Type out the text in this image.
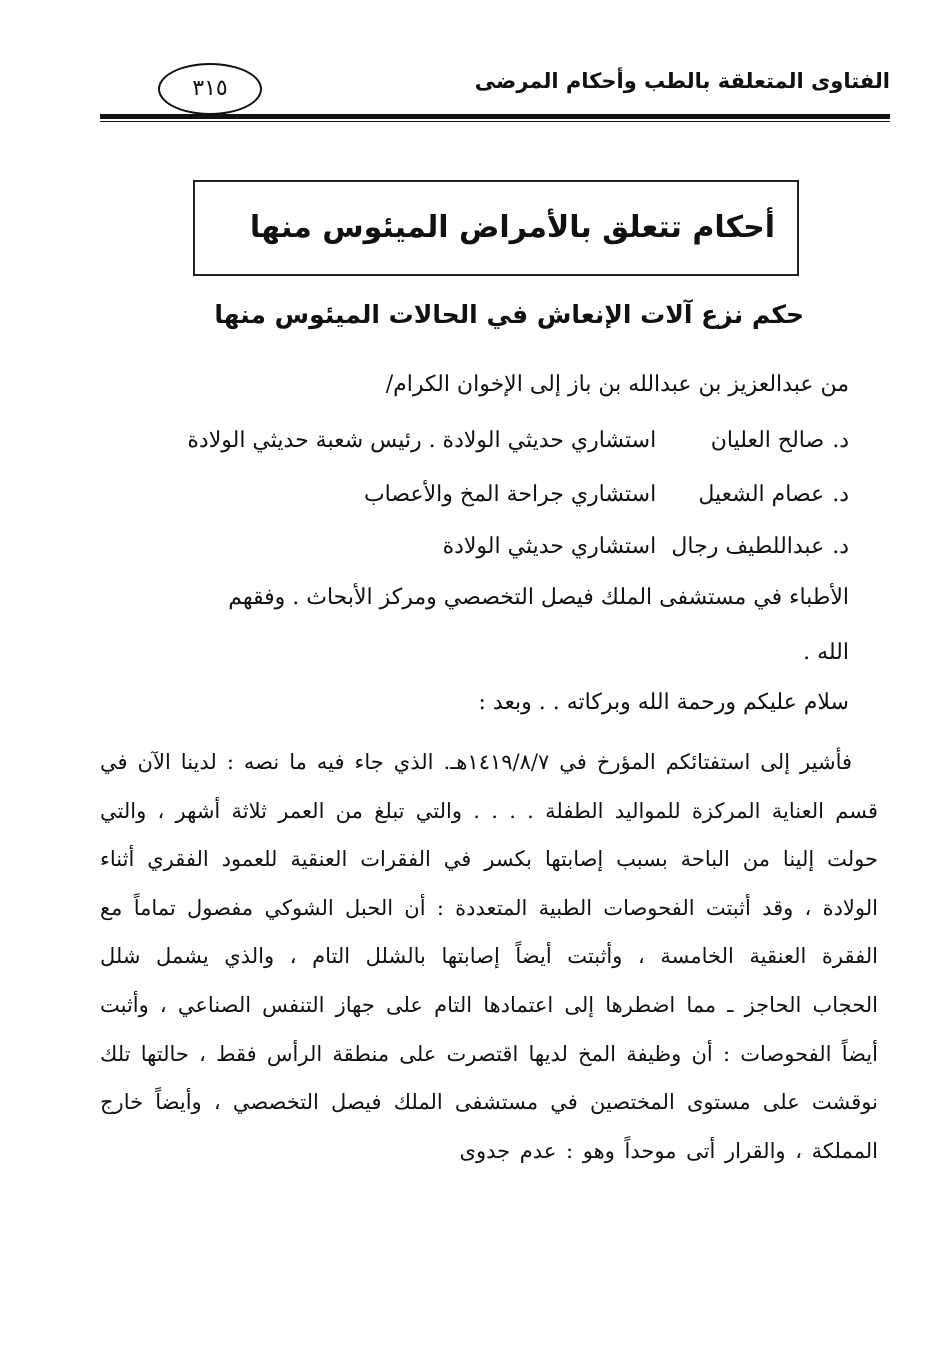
الفتاوى المتعلقة بالطب وأحكام المرضى
٣١٥
أحكام تتعلق بالأمراض الميئوس منها
حكم نزع آلات الإنعاش في الحالات الميئوس منها
من عبدالعزيز بن عبدالله بن باز إلى الإخوان الكرام/
د.صالح العلياناستشاري حديثي الولادة . رئيس شعبة حديثي الولادة
د.عصام الشعيلاستشاري جراحة المخ والأعصاب
د.عبداللطيف رجالاستشاري حديثي الولادة
الأطباء في مستشفى الملك فيصل التخصصي ومركز الأبحاث . وفقهم
الله .
سلام عليكم ورحمة الله وبركاته . . وبعد :
فأشير إلى استفتائكم المؤرخ في ١٤١٩/٨/٧هـ. الذي جاء فيه ما نصه : لدينا الآن في قسم العناية المركزة للمواليد الطفلة . . . . والتي تبلغ من العمر ثلاثة أشهر ، والتي حولت إلينا من الباحة بسبب إصابتها بكسر في الفقرات العنقية للعمود الفقري أثناء الولادة ، وقد أثبتت الفحوصات الطبية المتعددة : أن الحبل الشوكي مفصول تماماً مع الفقرة العنقية الخامسة ، وأثبتت أيضاً إصابتها بالشلل التام ، والذي يشمل شلل الحجاب الحاجز ـ مما اضطرها إلى اعتمادها التام على جهاز التنفس الصناعي ، وأثبت أيضاً الفحوصات : أن وظيفة المخ لديها اقتصرت على منطقة الرأس فقط ، حالتها تلك نوقشت على مستوى المختصين في مستشفى الملك فيصل التخصصي ، وأيضاً خارج المملكة ، والقرار أتى موحداً وهو : عدم جدوى
